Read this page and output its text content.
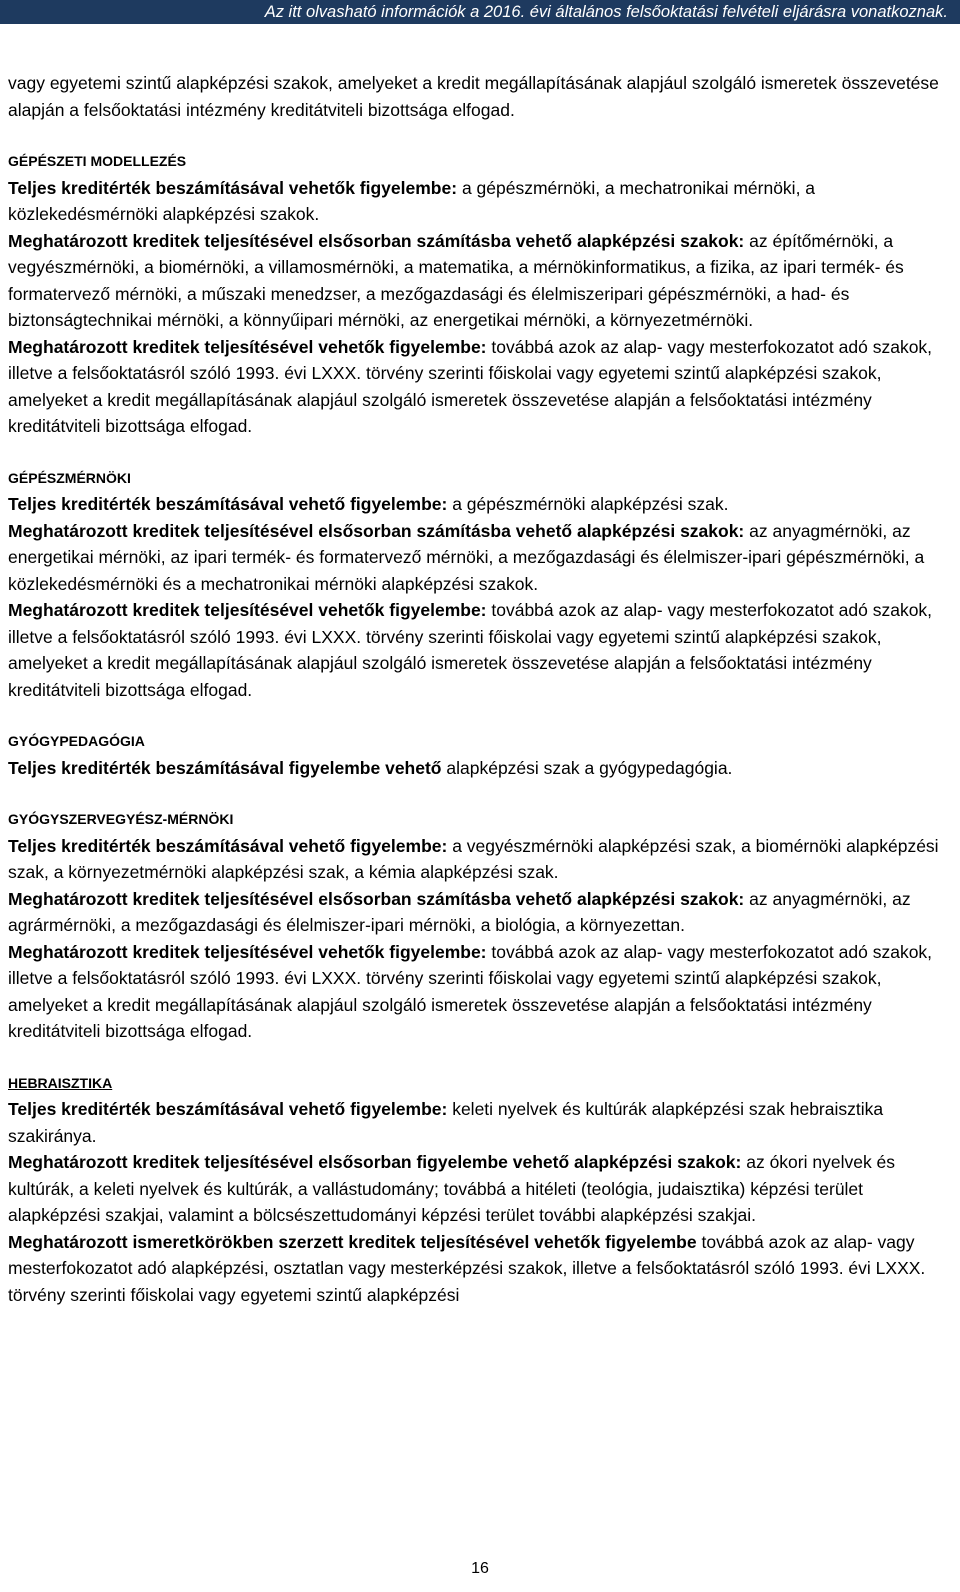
Az itt olvasható információk a 2016. évi általános felsőoktatási felvételi eljárásra vonatkoznak.

vagy egyetemi szintű alapképzési szakok, amelyeket a kredit megállapításának alapjául szolgáló ismeretek összevetése alapján a felsőoktatási intézmény kreditátviteli bizottsága elfogad.

GÉPÉSZETI MODELLEZÉS

Teljes kreditérték beszámításával vehetők figyelembe: a gépészmérnöki, a mechatronikai mérnöki, a közlekedésmérnöki alapképzési szakok.

Meghatározott kreditek teljesítésével elsősorban számításba vehető alapképzési szakok: az építőmérnöki, a vegyészmérnöki, a biomérnöki, a villamosmérnöki, a matematika, a mérnökinformatikus, a fizika, az ipari termék- és formatervező mérnöki, a műszaki menedzser, a mezőgazdasági és élelmiszeripari gépészmérnöki, a had- és biztonságtechnikai mérnöki, a könnyűipari mérnöki, az energetikai mérnöki, a környezetmérnöki.

Meghatározott kreditek teljesítésével vehetők figyelembe: továbbá azok az alap- vagy mesterfokozatot adó szakok, illetve a felsőoktatásról szóló 1993. évi LXXX. törvény szerinti főiskolai vagy egyetemi szintű alapképzési szakok, amelyeket a kredit megállapításának alapjául szolgáló ismeretek összevetése alapján a felsőoktatási intézmény kreditátviteli bizottsága elfogad.

GÉPÉSZMÉRNÖKI

Teljes kreditérték beszámításával vehető figyelembe: a gépészmérnöki alapképzési szak.

Meghatározott kreditek teljesítésével elsősorban számításba vehető alapképzési szakok: az anyagmérnöki, az energetikai mérnöki, az ipari termék- és formatervező mérnöki, a mezőgazdasági és élelmiszer-ipari gépészmérnöki, a közlekedésmérnöki és a mechatronikai mérnöki alapképzési szakok.

Meghatározott kreditek teljesítésével vehetők figyelembe: továbbá azok az alap- vagy mesterfokozatot adó szakok, illetve a felsőoktatásról szóló 1993. évi LXXX. törvény szerinti főiskolai vagy egyetemi szintű alapképzési szakok, amelyeket a kredit megállapításának alapjául szolgáló ismeretek összevetése alapján a felsőoktatási intézmény kreditátviteli bizottsága elfogad.

GYÓGYPEDAGÓGIA

Teljes kreditérték beszámításával figyelembe vehető alapképzési szak a gyógypedagógia.

GYÓGYSZERVEGYÉSZ-MÉRNÖKI

Teljes kreditérték beszámításával vehető figyelembe: a vegyészmérnöki alapképzési szak, a biomérnöki alapképzési szak, a környezetmérnöki alapképzési szak, a kémia alapképzési szak.

Meghatározott kreditek teljesítésével elsősorban számításba vehető alapképzési szakok: az anyagmérnöki, az agrármérnöki, a mezőgazdasági és élelmiszer-ipari mérnöki, a biológia, a környezettan.

Meghatározott kreditek teljesítésével vehetők figyelembe: továbbá azok az alap- vagy mesterfokozatot adó szakok, illetve a felsőoktatásról szóló 1993. évi LXXX. törvény szerinti főiskolai vagy egyetemi szintű alapképzési szakok, amelyeket a kredit megállapításának alapjául szolgáló ismeretek összevetése alapján a felsőoktatási intézmény kreditátviteli bizottsága elfogad.

HEBRAISZTIKA

Teljes kreditérték beszámításával vehető figyelembe: keleti nyelvek és kultúrák alapképzési szak hebraisztika szakiránya.

Meghatározott kreditek teljesítésével elsősorban figyelembe vehető alapképzési szakok: az ókori nyelvek és kultúrák, a keleti nyelvek és kultúrák, a vallástudomány; továbbá a hitéleti (teológia, judaisztika) képzési terület alapképzési szakjai, valamint a bölcsészettudományi képzési terület további alapképzési szakjai.

Meghatározott ismeretkörökben szerzett kreditek teljesítésével vehetők figyelembe továbbá azok az alap- vagy mesterfokozatot adó alapképzési, osztatlan vagy mesterképzési szakok, illetve a felsőoktatásról szóló 1993. évi LXXX. törvény szerinti főiskolai vagy egyetemi szintű alapképzési

16
